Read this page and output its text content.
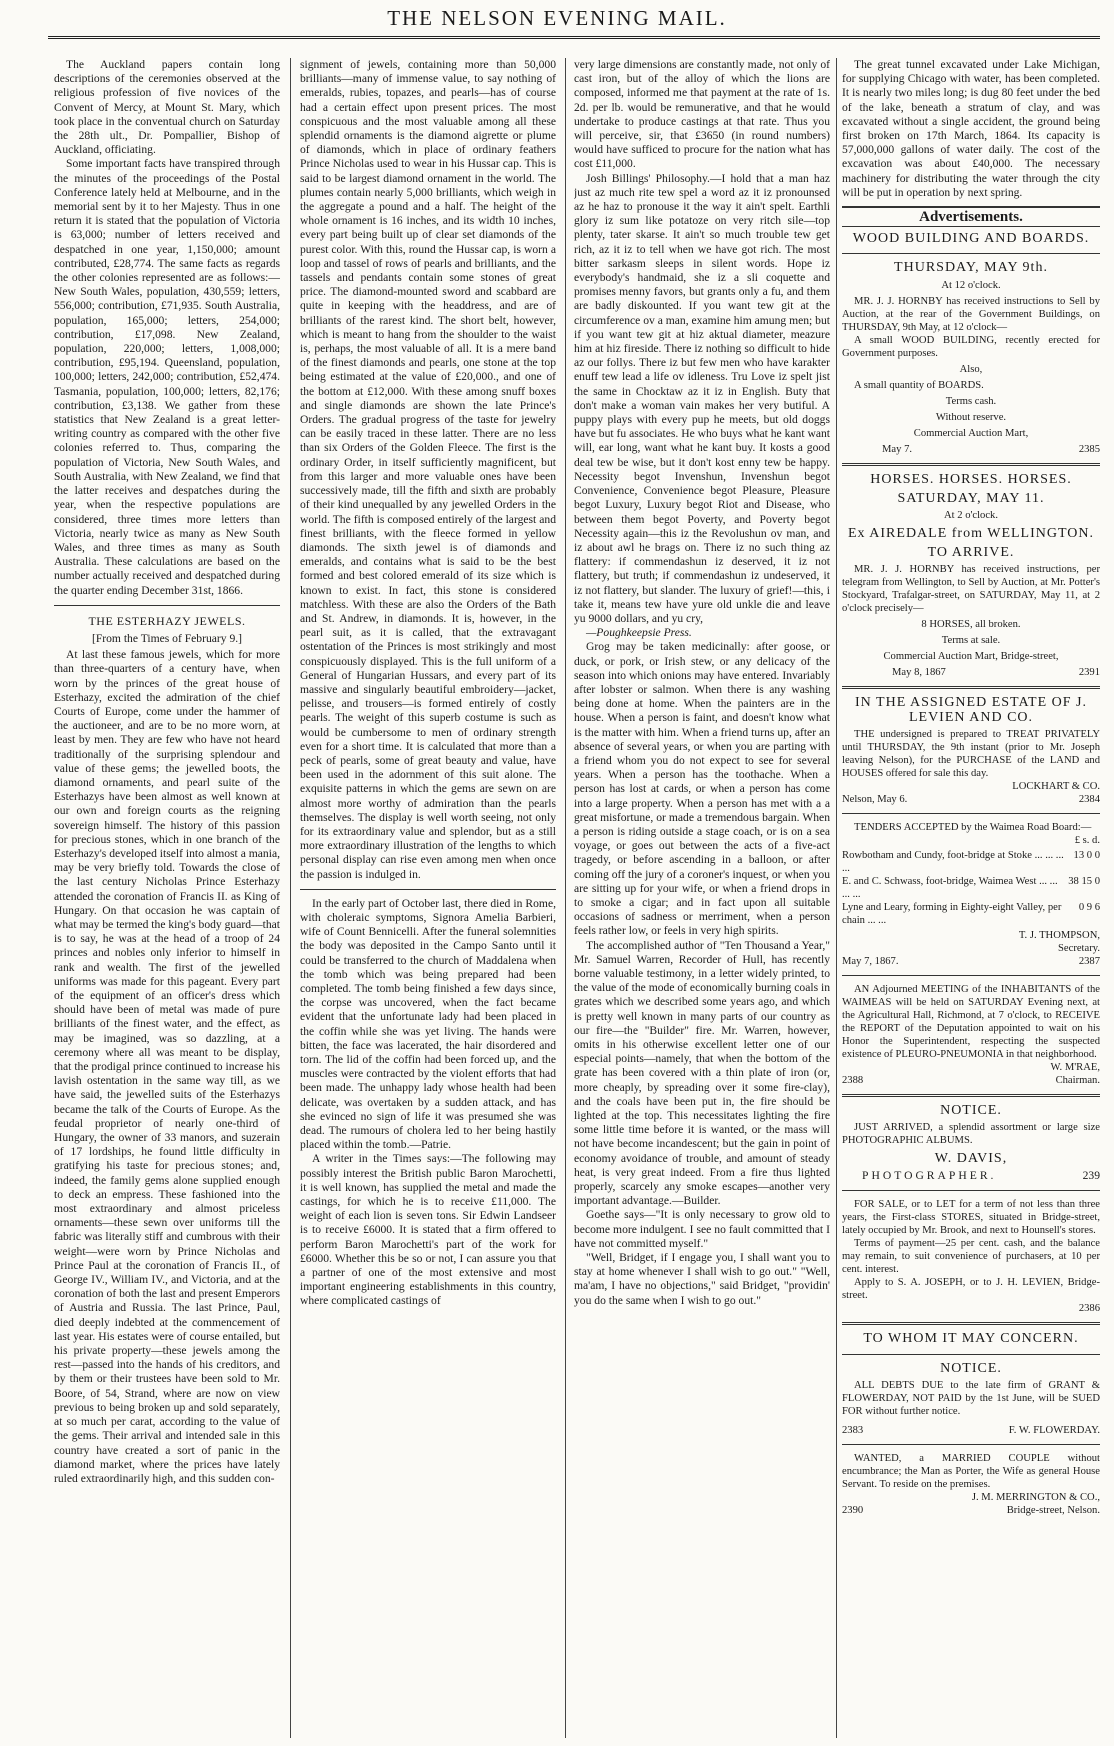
THE NELSON EVENING MAIL.

The Auckland papers contain long descriptions of the ceremonies observed at the religious profession of five novices of the Convent of Mercy, at Mount St. Mary, which took place in the conventual church on Saturday the 28th ult., Dr. Pompallier, Bishop of Auckland, officiating.

Some important facts have transpired through the minutes of the proceedings of the Postal Conference lately held at Melbourne, and in the memorial sent by it to her Majesty. Thus in one return it is stated that the population of Victoria is 63,000; number of letters received and despatched in one year, 1,150,000; amount contributed, £28,774. The same facts as regards the other colonies represented are as follows:—New South Wales, population, 430,559; letters, 556,000; contribution, £71,935. South Australia, population, 165,000; letters, 254,000; contribution, £17,098. New Zealand, population, 220,000; letters, 1,008,000; contribution, £95,194. Queensland, population, 100,000; letters, 242,000; contribution, £52,474. Tasmania, population, 100,000; letters, 82,176; contribution, £3,138. We gather from these statistics that New Zealand is a great letter-writing country as compared with the other five colonies referred to. Thus, comparing the population of Victoria, New South Wales, and South Australia, with New Zealand, we find that the latter receives and despatches during the year, when the respective populations are considered, three times more letters than Victoria, nearly twice as many as New South Wales, and three times as many as South Australia. These calculations are based on the number actually received and despatched during the quarter ending December 31st, 1866.

THE ESTERHAZY JEWELS.
[From the Times of February 9.]

At last these famous jewels, which for more than three-quarters of a century have, when worn by the princes of the great house of Esterhazy, excited the admiration of the chief Courts of Europe, come under the hammer of the auctioneer, and are to be no more worn, at least by men. They are few who have not heard traditionally of the surprising splendour and value of these gems; the jewelled boots, the diamond ornaments, and pearl suite of the Esterhazys have been almost as well known at our own and foreign courts as the reigning sovereign himself. The history of this passion for precious stones, which in one branch of the Esterhazy's developed itself into almost a mania, may be very briefly told. Towards the close of the last century Nicholas Prince Esterhazy attended the coronation of Francis II. as King of Hungary. On that occasion he was captain of what may be termed the king's body guard—that is to say, he was at the head of a troop of 24 princes and nobles only inferior to himself in rank and wealth. The first of the jewelled uniforms was made for this pageant. Every part of the equipment of an officer's dress which should have been of metal was made of pure brilliants of the finest water, and the effect, as may be imagined, was so dazzling, at a ceremony where all was meant to be display, that the prodigal prince continued to increase his lavish ostentation in the same way till, as we have said, the jewelled suits of the Esterhazys became the talk of the Courts of Europe. As the feudal proprietor of nearly one-third of Hungary, the owner of 33 manors, and suzerain of 17 lordships, he found little difficulty in gratifying his taste for precious stones; and, indeed, the family gems alone supplied enough to deck an empress. These fashioned into the most extraordinary and almost priceless ornaments—these sewn over uniforms till the fabric was literally stiff and cumbrous with their weight—were worn by Prince Nicholas and Prince Paul at the coronation of Francis II., of George IV., William IV., and Victoria, and at the coronation of both the last and present Emperors of Austria and Russia. The last Prince, Paul, died deeply indebted at the commencement of last year. His estates were of course entailed, but his private property—these jewels among the rest—passed into the hands of his creditors, and by them or their trustees have been sold to Mr. Boore, of 54, Strand, where are now on view previous to being broken up and sold separately, at so much per carat, according to the value of the gems. Their arrival and intended sale in this country have created a sort of panic in the diamond market, where the prices have lately ruled extraordinarily high, and this sudden con-

signment of jewels, containing more than 50,000 brilliants—many of immense value, to say nothing of emeralds, rubies, topazes, and pearls—has of course had a certain effect upon present prices. The most conspicuous and the most valuable among all these splendid ornaments is the diamond aigrette or plume of diamonds, which in place of ordinary feathers Prince Nicholas used to wear in his Hussar cap. This is said to be largest diamond ornament in the world. The plumes contain nearly 5,000 brilliants, which weigh in the aggregate a pound and a half. The height of the whole ornament is 16 inches, and its width 10 inches, every part being built up of clear set diamonds of the purest color. With this, round the Hussar cap, is worn a loop and tassel of rows of pearls and brilliants, and the tassels and pendants contain some stones of great price. The diamond-mounted sword and scabbard are quite in keeping with the headdress, and are of brilliants of the rarest kind. The short belt, however, which is meant to hang from the shoulder to the waist is, perhaps, the most valuable of all. It is a mere band of the finest diamonds and pearls, one stone at the top being estimated at the value of £20,000., and one of the bottom at £12,000. With these among snuff boxes and single diamonds are shown the late Prince's Orders. The gradual progress of the taste for jewelry can be easily traced in these latter. There are no less than six Orders of the Golden Fleece. The first is the ordinary Order, in itself sufficiently magnificent, but from this larger and more valuable ones have been successively made, till the fifth and sixth are probably of their kind unequalled by any jewelled Orders in the world. The fifth is composed entirely of the largest and finest brilliants, with the fleece formed in yellow diamonds. The sixth jewel is of diamonds and emeralds, and contains what is said to be the best formed and best colored emerald of its size which is known to exist. In fact, this stone is considered matchless. With these are also the Orders of the Bath and St. Andrew, in diamonds. It is, however, in the pearl suit, as it is called, that the extravagant ostentation of the Princes is most strikingly and most conspicuously displayed. This is the full uniform of a General of Hungarian Hussars, and every part of its massive and singularly beautiful embroidery—jacket, pelisse, and trousers—is formed entirely of costly pearls. The weight of this superb costume is such as would be cumbersome to men of ordinary strength even for a short time. It is calculated that more than a peck of pearls, some of great beauty and value, have been used in the adornment of this suit alone. The exquisite patterns in which the gems are sewn on are almost more worthy of admiration than the pearls themselves. The display is well worth seeing, not only for its extraordinary value and splendor, but as a still more extraordinary illustration of the lengths to which personal display can rise even among men when once the passion is indulged in.

In the early part of October last, there died in Rome, with choleraic symptoms, Signora Amelia Barbieri, wife of Count Bennicelli. After the funeral solemnities the body was deposited in the Campo Santo until it could be transferred to the church of Maddalena when the tomb which was being prepared had been completed. The tomb being finished a few days since, the corpse was uncovered, when the fact became evident that the unfortunate lady had been placed in the coffin while she was yet living. The hands were bitten, the face was lacerated, the hair disordered and torn. The lid of the coffin had been forced up, and the muscles were contracted by the violent efforts that had been made. The unhappy lady whose health had been delicate, was overtaken by a sudden attack, and has she evinced no sign of life it was presumed she was dead. The rumours of cholera led to her being hastily placed within the tomb.—Patrie.

A writer in the Times says:—The following may possibly interest the British public Baron Marochetti, it is well known, has supplied the metal and made the castings, for which he is to receive £11,000. The weight of each lion is seven tons. Sir Edwin Landseer is to receive £6000. It is stated that a firm offered to perform Baron Marochetti's part of the work for £6000. Whether this be so or not, I can assure you that a partner of one of the most extensive and most important engineering establishments in this country, where complicated castings of

very large dimensions are constantly made, not only of cast iron, but of the alloy of which the lions are composed, informed me that payment at the rate of 1s. 2d. per lb. would be remunerative, and that he would undertake to produce castings at that rate. Thus you will perceive, sir, that £3650 (in round numbers) would have sufficed to procure for the nation what has cost £11,000.

Josh Billings' Philosophy.—I hold that a man haz just az much rite tew spel a word az it iz pronounsed az he haz to pronouse it the way it ain't spelt. Earthli glory iz sum like potatoze on very ritch sile—top plenty, tater skarse. It ain't so much trouble tew get rich, az it iz to tell when we have got rich. The most bitter sarkasm sleeps in silent words. Hope iz everybody's handmaid, she iz a sli coquette and promises menny favors, but grants only a fu, and them are badly diskounted. If you want tew git at the circumference ov a man, examine him amung men; but if you want tew git at hiz aktual diameter, meazure him at hiz fireside. There iz nothing so difficult to hide az our follys. There iz but few men who have karakter enuff tew lead a life ov idleness. Tru Love iz spelt jist the same in Chocktaw az it iz in English. Buty that don't make a woman vain makes her very butiful. A puppy plays with every pup he meets, but old doggs have but fu associates. He who buys what he kant want will, ear long, want what he kant buy. It kosts a good deal tew be wise, but it don't kost enny tew be happy. Necessity begot Invenshun, Invenshun begot Convenience, Convenience begot Pleasure, Pleasure begot Luxury, Luxury begot Riot and Disease, who between them begot Poverty, and Poverty begot Necessity again—this iz the Revolushun ov man, and iz about awl he brags on. There iz no such thing az flattery: if commendashun iz deserved, it iz not flattery, but truth; if commendashun iz undeserved, it iz not flattery, but slander. The luxury of grief!—this, i take it, means tew have yure old unkle die and leave yu 9000 dollars, and yu cry,

—Poughkeepsie Press.

Grog may be taken medicinally: after goose, or duck, or pork, or Irish stew, or any delicacy of the season into which onions may have entered. Invariably after lobster or salmon. When there is any washing being done at home. When the painters are in the house. When a person is faint, and doesn't know what is the matter with him. When a friend turns up, after an absence of several years, or when you are parting with a friend whom you do not expect to see for several years. When a person has the toothache. When a person has lost at cards, or when a person has come into a large property. When a person has met with a a great misfortune, or made a tremendous bargain. When a person is riding outside a stage coach, or is on a sea voyage, or goes out between the acts of a five-act tragedy, or before ascending in a balloon, or after coming off the jury of a coroner's inquest, or when you are sitting up for your wife, or when a friend drops in to smoke a cigar; and in fact upon all suitable occasions of sadness or merriment, when a person feels rather low, or feels in very high spirits.

The accomplished author of "Ten Thousand a Year," Mr. Samuel Warren, Recorder of Hull, has recently borne valuable testimony, in a letter widely printed, to the value of the mode of economically burning coals in grates which we described some years ago, and which is pretty well known in many parts of our country as our fire—the "Builder" fire. Mr. Warren, however, omits in his otherwise excellent letter one of our especial points—namely, that when the bottom of the grate has been covered with a thin plate of iron (or, more cheaply, by spreading over it some fire-clay), and the coals have been put in, the fire should be lighted at the top. This necessitates lighting the fire some little time before it is wanted, or the mass will not have become incandescent; but the gain in point of economy avoidance of trouble, and amount of steady heat, is very great indeed. From a fire thus lighted properly, scarcely any smoke escapes—another very important advantage.—Builder.

Goethe says—"It is only necessary to grow old to become more indulgent. I see no fault committed that I have not committed myself."

"Well, Bridget, if I engage you, I shall want you to stay at home whenever I shall wish to go out." "Well, ma'am, I have no objections," said Bridget, "providin' you do the same when I wish to go out."

The great tunnel excavated under Lake Michigan, for supplying Chicago with water, has been completed. It is nearly two miles long; is dug 80 feet under the bed of the lake, beneath a stratum of clay, and was excavated without a single accident, the ground being first broken on 17th March, 1864. Its capacity is 57,000,000 gallons of water daily. The cost of the excavation was about £40,000. The necessary machinery for distributing the water through the city will be put in operation by next spring.

Advertisements.
WOOD BUILDING AND BOARDS.
THURSDAY, MAY 9th.
At 12 o'clock.

MR. J. J. HORNBY has received instructions to Sell by Auction, at the rear of the Government Buildings, on THURSDAY, 9th May, at 12 o'clock—

A small WOOD BUILDING, recently erected for Government purposes.

Also,

A small quantity of BOARDS.

Terms cash.
Without reserve.
Commercial Auction Mart,
May 7.	2385
HORSES. HORSES. HORSES.
SATURDAY, MAY 11.
At 2 o'clock.
Ex AIREDALE from WELLINGTON.
TO ARRIVE.

MR. J. J. HORNBY has received instructions, per telegram from Wellington, to Sell by Auction, at Mr. Potter's Stockyard, Trafalgar-street, on SATURDAY, May 11, at 2 o'clock precisely—

8 HORSES, all broken.
Terms at sale.
Commercial Auction Mart, Bridge-street,
May 8, 1867	2391
IN THE ASSIGNED ESTATE OF J. LEVIEN AND CO.

THE undersigned is prepared to TREAT PRIVATELY until THURSDAY, the 9th instant (prior to Mr. Joseph leaving Nelson), for the PURCHASE of the LAND and HOUSES offered for sale this day.

LOCKHART & CO.
Nelson, May 6.	2384

TENDERS ACCEPTED by the Waimea Road Board:—

£ s. d.
Rowbotham and Cundy, foot-bridge at Stoke ... ... ... ...
13 0 0
E. and C. Schwass, foot-bridge, Waimea West ... ... ... ...
38 15 0
Lyne and Leary, forming in Eighty-eight Valley, per chain ... ...
0 9 6
T. J. THOMPSON,
Secretary.
May 7, 1867.	2387

AN Adjourned MEETING of the INHABITANTS of the WAIMEAS will be held on SATURDAY Evening next, at the Agricultural Hall, Richmond, at 7 o'clock, to RECEIVE the REPORT of the Deputation appointed to wait on his Honor the Superintendent, respecting the suspected existence of PLEURO-PNEUMONIA in that neighborhood.

W. M'RAE,
2388	Chairman.
NOTICE.

JUST ARRIVED, a splendid assortment or large size PHOTOGRAPHIC ALBUMS.

W. DAVIS,
PHOTOGRAPHER.	239

FOR SALE, or to LET for a term of not less than three years, the First-class STORES, situated in Bridge-street, lately occupied by Mr. Brook, and next to Hounsell's stores.

Terms of payment—25 per cent. cash, and the balance may remain, to suit convenience of purchasers, at 10 per cent. interest.

Apply to S. A. JOSEPH, or to J. H. LEVIEN, Bridge-street.

2386
TO WHOM IT MAY CONCERN.
NOTICE.

ALL DEBTS DUE to the late firm of GRANT & FLOWERDAY, NOT PAID by the 1st June, will be SUED FOR without further notice.

2383	F. W. FLOWERDAY.

WANTED, a MARRIED COUPLE without encumbrance; the Man as Porter, the Wife as general House Servant. To reside on the premises.

J. M. MERRINGTON & CO.,
2390	Bridge-street, Nelson.
